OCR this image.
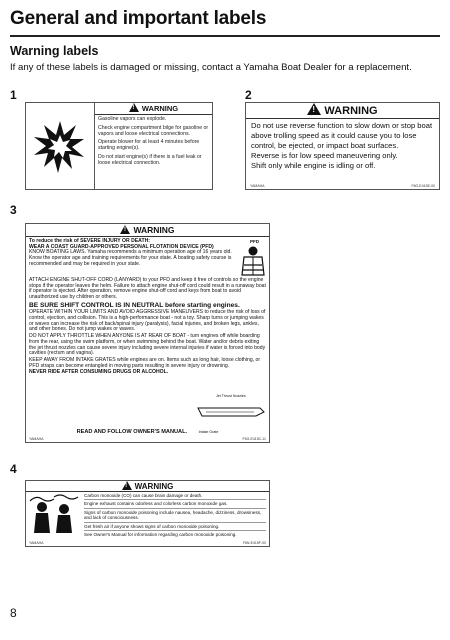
General and important labels
Warning labels
If any of these labels is damaged or missing, contact a Yamaha Boat Dealer for a replacement.
1
!WARNING

Gasoline vapors can explode.

Check engine compartment bilge for gasoline or vapors and loose electrical connections.

Operate blower for at least 4 minutes before starting engine(s).

Do not start engine(s) if there is a fuel leak or loose electrical connection.

2
!WARNING

Do not use reverse function to slow down or stop boat above trolling speed as it could cause you to lose control, be ejected, or impact boat surfaces.

Reverse is for low speed maneuvering only.

Shift only while engine is idling or off.

YAMAHA	F6G-E415E-00
3
!WARNING
PFD

To reduce the risk of SEVERE INJURY OR DEATH:

WEAR A COAST GUARD-APPROVED PERSONAL FLOTATION DEVICE (PFD)

KNOW BOATING LAWS. Yamaha recommends a minimum operation age of 16 years old. Know the operator age and training requirements for your state. A boating safety course is recommended and may be required in your state.

ATTACH ENGINE SHUT-OFF CORD (LANYARD) to your PFD and keep it free of controls so the engine stops if the operator leaves the helm. Failure to attach engine shut-off cord could result in a runaway boat if operator is ejected. After operation, remove engine shut-off cord and keys from boat to avoid unauthorized use by children or others.

BE SURE SHIFT CONTROL IS IN NEUTRAL before starting engines.

OPERATE WITHIN YOUR LIMITS AND AVOID AGGRESSIVE MANEUVERS to reduce the risk of loss of control, ejection, and collision. This is a high-performance boat - not a toy. Sharp turns or jumping wakes or waves can increase the risk of back/spinal injury (paralysis), facial injuries, and broken legs, ankles, and other bones. Do not jump wakes or waves.

DO NOT APPLY THROTTLE WHEN ANYONE IS AT REAR OF BOAT - turn engines off while boarding from the rear, using the swim platform, or when swimming behind the boat. Water and/or debris exiting the jet thrust nozzles can cause severe injury including severe internal injuries if water is forced into body cavities (rectum and vagina).

KEEP AWAY FROM INTAKE GRATES while engines are on. Items such as long hair, loose clothing, or PFD straps can become entangled in moving parts resulting in severe injury or drowning.

NEVER RIDE AFTER CONSUMING DRUGS OR ALCOHOL.

Jet Thrust Nozzles
READ AND FOLLOW OWNER'S MANUAL.	Intake Grate
YAMAHA	F6G-E415C-11
4
!WARNING
Carbon monoxide (CO) can cause brain damage or death.
Engine exhaust contains odorless and colorless carbon monoxide gas.
Signs of carbon monoxide poisoning include nausea, headache, dizziness, drowsiness, and lack of consciousness.
Get fresh air if anyone shows signs of carbon monoxide poisoning.
See Owner's Manual for information regarding carbon monoxide poisoning.
YAMAHA	F6N-E415F-00
8
